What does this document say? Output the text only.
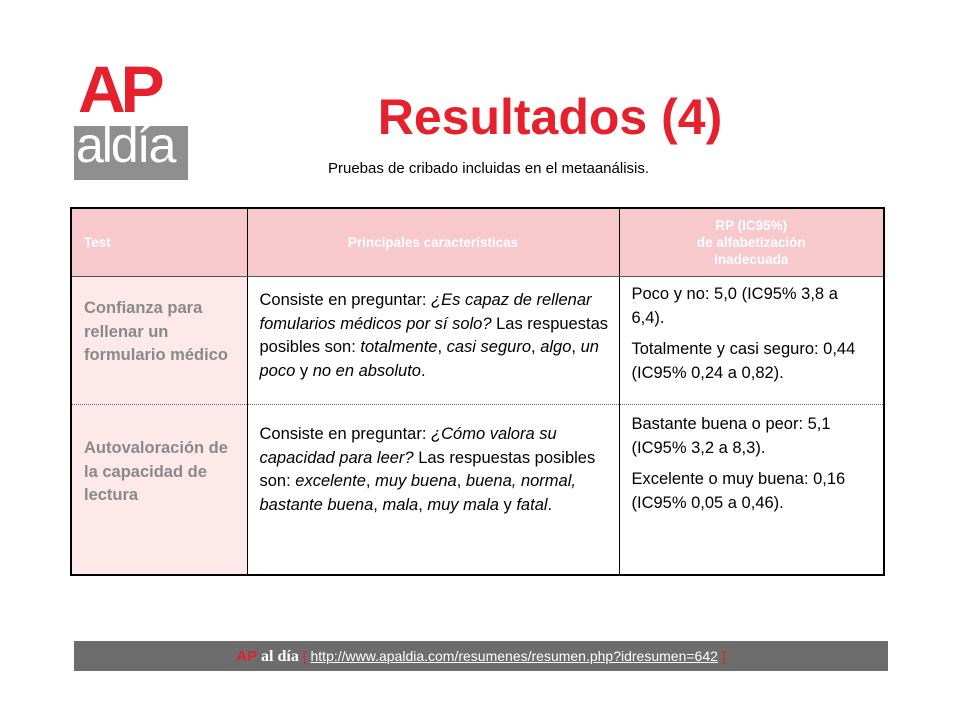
AP
aldía	Resultados (4)
Pruebas de cribado incluidas en el metaanálisis.
Test	Principales características	RP (IC95%)
de alfabetización
inadecuada

Confianza para rellenar un formulario médico	Consiste en preguntar: ¿Es capaz de rellenar fomularios médicos por sí solo? Las respuestas posibles son: totalmente, casi seguro, algo, un poco y no en absoluto.	Poco y no: 5,0 (IC95% 3,8 a 6,4).

Totalmente y casi seguro: 0,44 (IC95% 0,24 a 0,82).

Autovaloración de la capacidad de lectura	Consiste en preguntar: ¿Cómo valora su capacidad para leer? Las respuestas posibles son: excelente, muy buena, buena, normal, bastante buena, mala, muy mala y fatal.	Bastante buena o peor: 5,1 (IC95% 3,2 a 8,3).

Excelente o muy buena: 0,16 (IC95% 0,05 a 0,46).

AP al día [ http://www.apaldia.com/resumenes/resumen.php?idresumen=642 ]
